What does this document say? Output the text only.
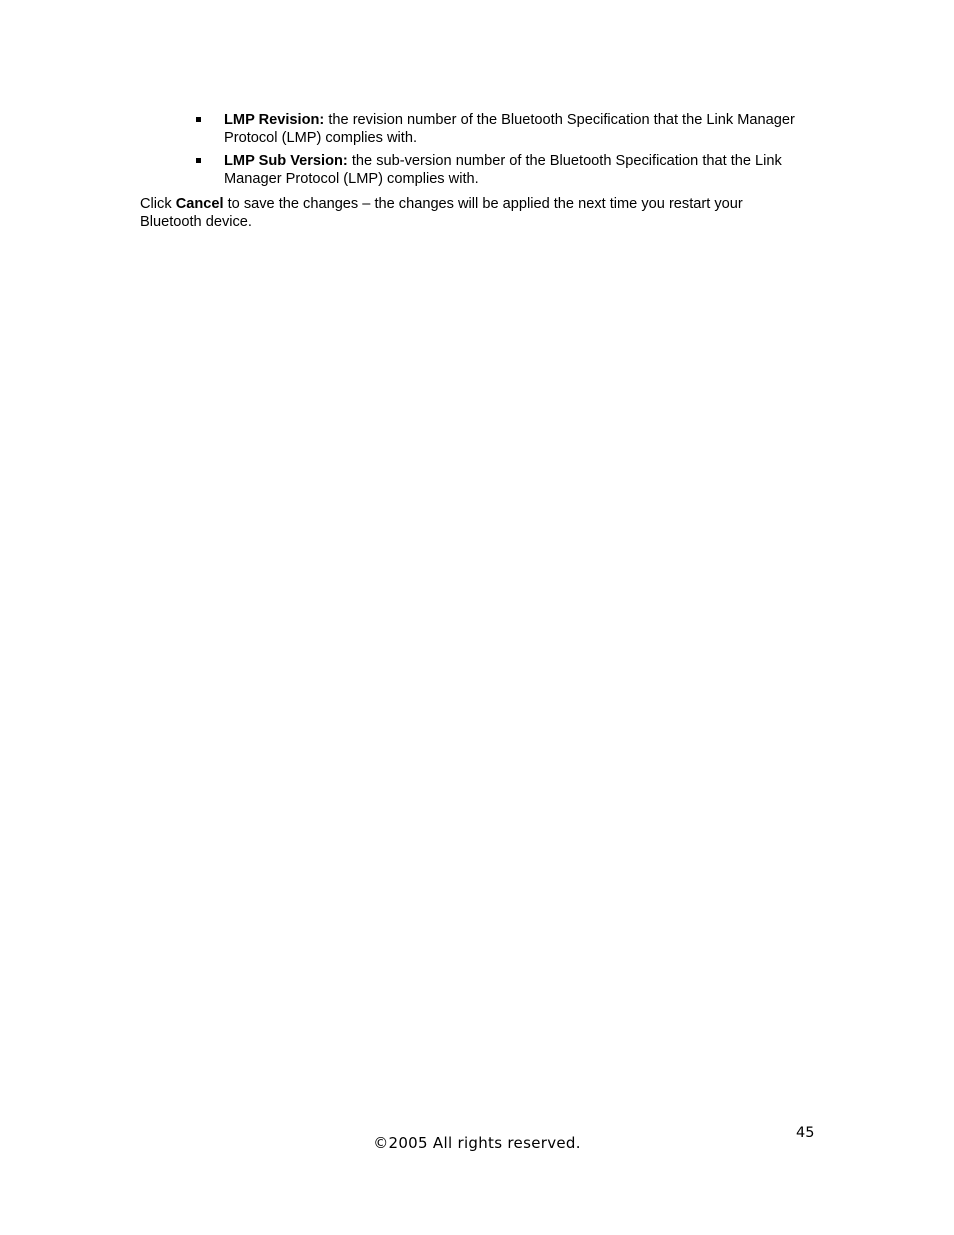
LMP Revision: the revision number of the Bluetooth Specification that the Link Manager Protocol (LMP) complies with.
LMP Sub Version: the sub-version number of the Bluetooth Specification that the Link Manager Protocol (LMP) complies with.

Click Cancel to save the changes – the changes will be applied the next time you restart your Bluetooth device.

45
©2005 All rights reserved.
